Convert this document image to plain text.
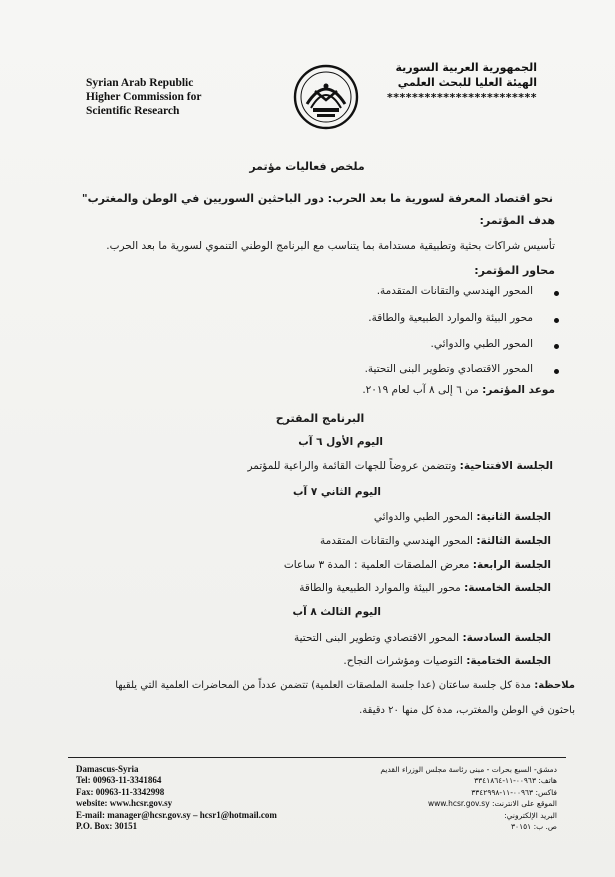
Syrian Arab Republic
Higher Commission for
Scientific Research
الجمهورية العربية السورية
الهيئة العليا للبحث العلمي
************************
ملخص فعاليات مؤتمر
نحو اقتصاد المعرفة لسورية ما بعد الحرب: دور الباحثين السوريين في الوطن والمغترب"
هدف المؤتمر:
تأسيس شراكات بحثية وتطبيقية مستدامة بما يتناسب مع البرنامج الوطني التنموي لسورية ما بعد الحرب.
محاور المؤتمر:
المحور الهندسي والتقانات المتقدمة.
محور البيئة والموارد الطبيعية والطاقة.
المحور الطبي والدوائي.
المحور الاقتصادي وتطوير البنى التحتية.
موعد المؤتمر: من ٦ إلى ٨ آب لعام ٢٠١٩.
البرنامج المقترح
اليوم الأول ٦ آب
الجلسة الافتتاحية: وتتضمن عروضاً للجهات القائمة والراعية للمؤتمر
اليوم الثاني ٧ آب
الجلسة الثانية: المحور الطبي والدوائي
الجلسة الثالثة: المحور الهندسي والتقانات المتقدمة
الجلسة الرابعة: معرض الملصقات العلمية : المدة ٣ ساعات
الجلسة الخامسة: محور البيئة والموارد الطبيعية والطاقة
اليوم الثالث ٨ آب
الجلسة السادسة: المحور الاقتصادي وتطوير البنى التحتية
الجلسة الختامية: التوصيات ومؤشرات النجاح.
ملاحظة: مدة كل جلسة ساعتان (عدا جلسة الملصقات العلمية) تتضمن عدداً من المحاضرات العلمية التي يلقيها
باحثون في الوطن والمغترب، مدة كل منها ٢٠ دقيقة.
Damascus-Syria
Tel: 00963-11-3341864
Fax: 00963-11-3342998
website: www.hcsr.gov.sy
E-mail: manager@hcsr.gov.sy – hcsr1@hotmail.com
P.O. Box: 30151
دمشق- السبع بحرات - مبنى رئاسة مجلس الوزراء القديم
هاتف: ٠٠٩٦٣-١١-٣٣٤١٨٦٤
فاكس: ٠٠٩٦٣-١١-٣٣٤٢٩٩٨
الموقع على الانترنت: www.hcsr.gov.sy
البريد الإلكتروني:
ص. ب: ٣٠١٥١
